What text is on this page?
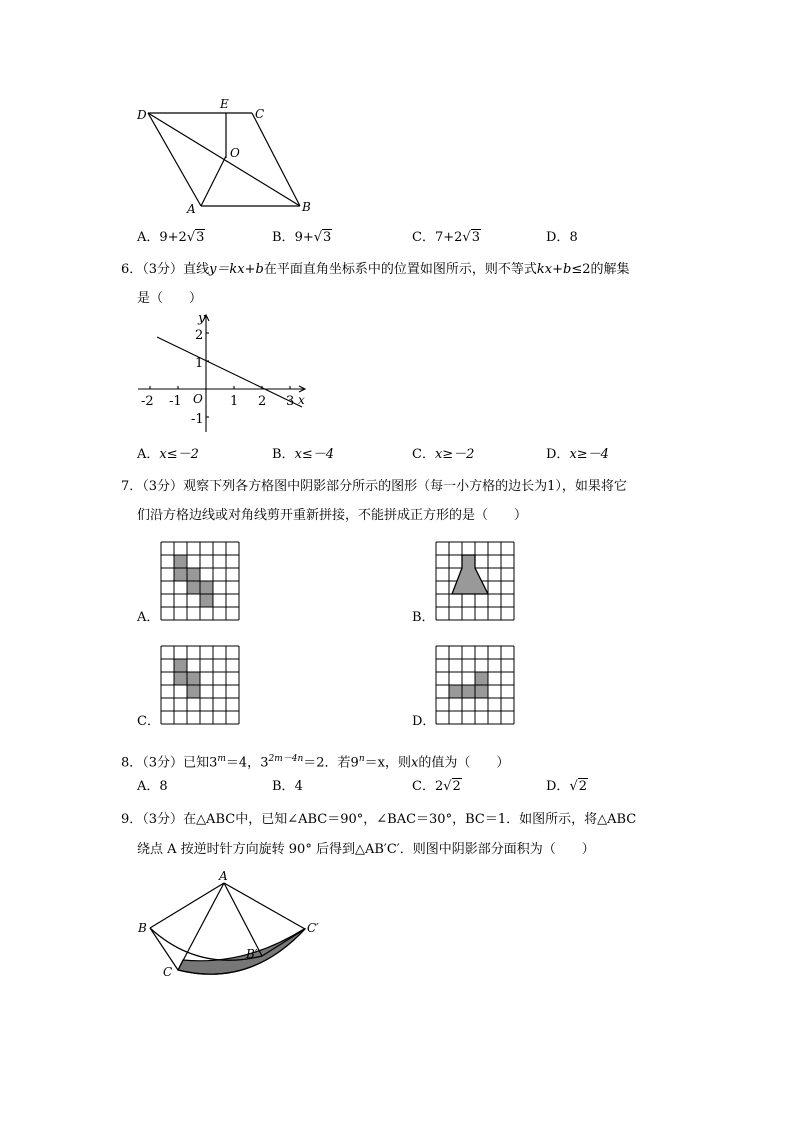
D
E
C
O
A	B
A．9+2√3	B．9+√3	C．7+2√3	D．8
6．（3分）直线y＝kx+b在平面直角坐标系中的位置如图所示，则不等式kx+b≤2的解集
是（　　）
y
2
1
-1
-2 -1 O 1 2 3 x
A．x≤－2	B．x≤－4	C．x≥－2	D．x≥－4
7．（3分）观察下列各方格图中阴影部分所示的图形（每一小方格的边长为1），如果将它
们沿方格边线或对角线剪开重新拼接，不能拼成正方形的是（　　）
A．	B．
C．	D．
8．（3分）已知$3^m=4$，$3^{2m-4n}=2$．若$9^n=x$，则x的值为（　　）
A．8	B．4	C．2√2	D．√2
9．（3分）在△ABC中，已知∠ABC＝90°，∠BAC＝30°，BC＝1．如图所示，将△ABC
绕点 A 按逆时针方向旋转 90° 后得到△AB′C′．则图中阴影部分面积为（　　）
A
B
B′
C′
C
